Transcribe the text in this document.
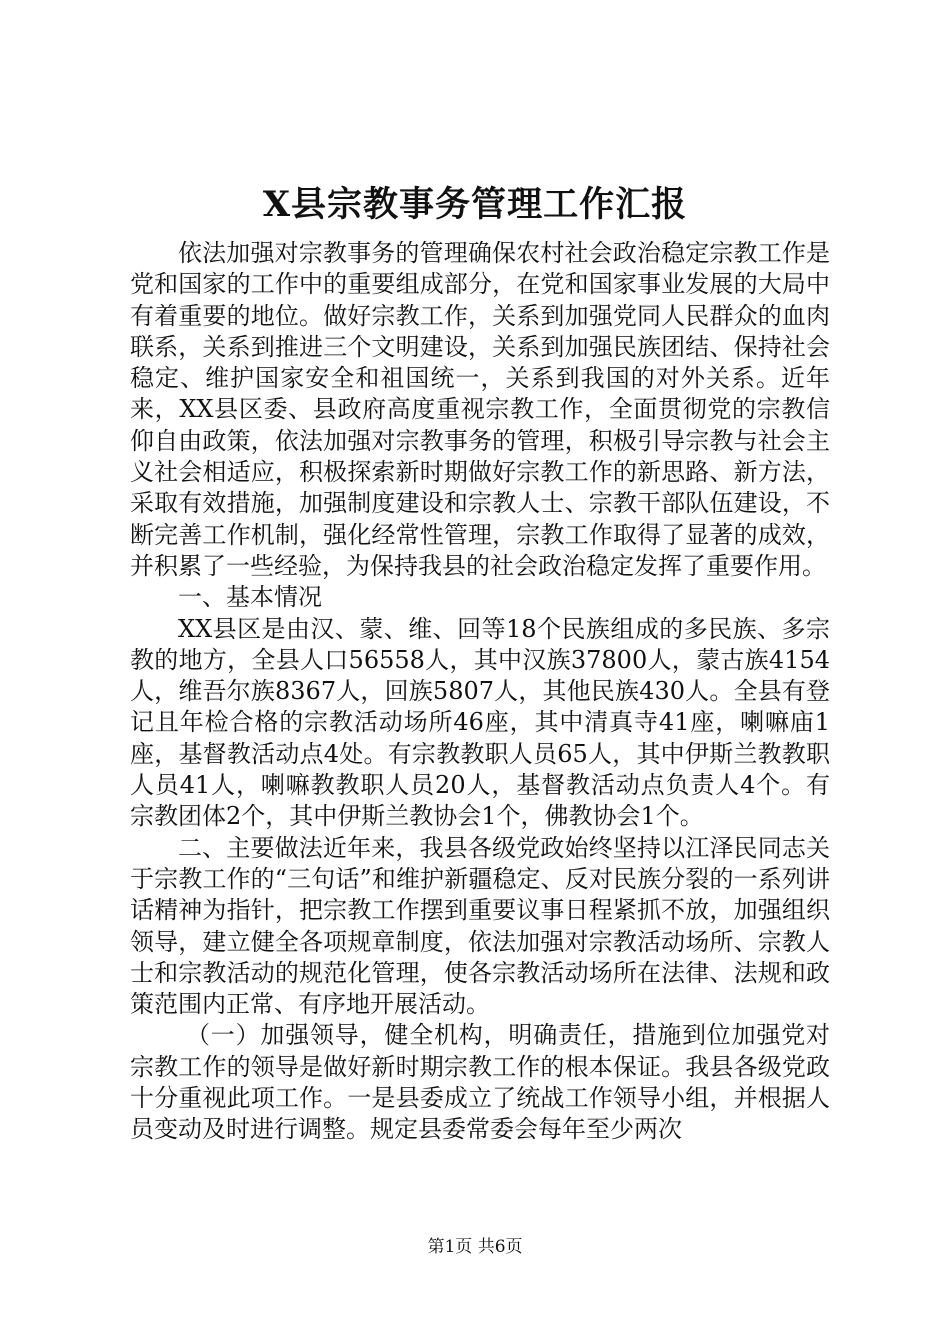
X县宗教事务管理工作汇报

依法加强对宗教事务的管理确保农村社会政治稳定宗教工作是党和国家的工作中的重要组成部分，在党和国家事业发展的大局中有着重要的地位。做好宗教工作，关系到加强党同人民群众的血肉联系，关系到推进三个文明建设，关系到加强民族团结、保持社会稳定、维护国家安全和祖国统一，关系到我国的对外关系。近年来，XX县区委、县政府高度重视宗教工作，全面贯彻党的宗教信仰自由政策，依法加强对宗教事务的管理，积极引导宗教与社会主义社会相适应，积极探索新时期做好宗教工作的新思路、新方法，采取有效措施，加强制度建设和宗教人士、宗教干部队伍建设，不断完善工作机制，强化经常性管理，宗教工作取得了显著的成效，并积累了一些经验，为保持我县的社会政治稳定发挥了重要作用。

一、基本情况

XX县区是由汉、蒙、维、回等18个民族组成的多民族、多宗教的地方，全县人口56558人，其中汉族37800人，蒙古族4154人，维吾尔族8367人，回族5807人，其他民族430人。全县有登记且年检合格的宗教活动场所46座，其中清真寺41座，喇嘛庙1座，基督教活动点4处。有宗教教职人员65人，其中伊斯兰教教职人员41人，喇嘛教教职人员20人，基督教活动点负责人4个。有宗教团体2个，其中伊斯兰教协会1个，佛教协会1个。

二、主要做法近年来，我县各级党政始终坚持以江泽民同志关于宗教工作的“三句话”和维护新疆稳定、反对民族分裂的一系列讲话精神为指针，把宗教工作摆到重要议事日程紧抓不放，加强组织领导，建立健全各项规章制度，依法加强对宗教活动场所、宗教人士和宗教活动的规范化管理，使各宗教活动场所在法律、法规和政策范围内正常、有序地开展活动。

（一）加强领导，健全机构，明确责任，措施到位加强党对宗教工作的领导是做好新时期宗教工作的根本保证。我县各级党政十分重视此项工作。一是县委成立了统战工作领导小组，并根据人员变动及时进行调整。规定县委常委会每年至少两次

第1页 共6页
